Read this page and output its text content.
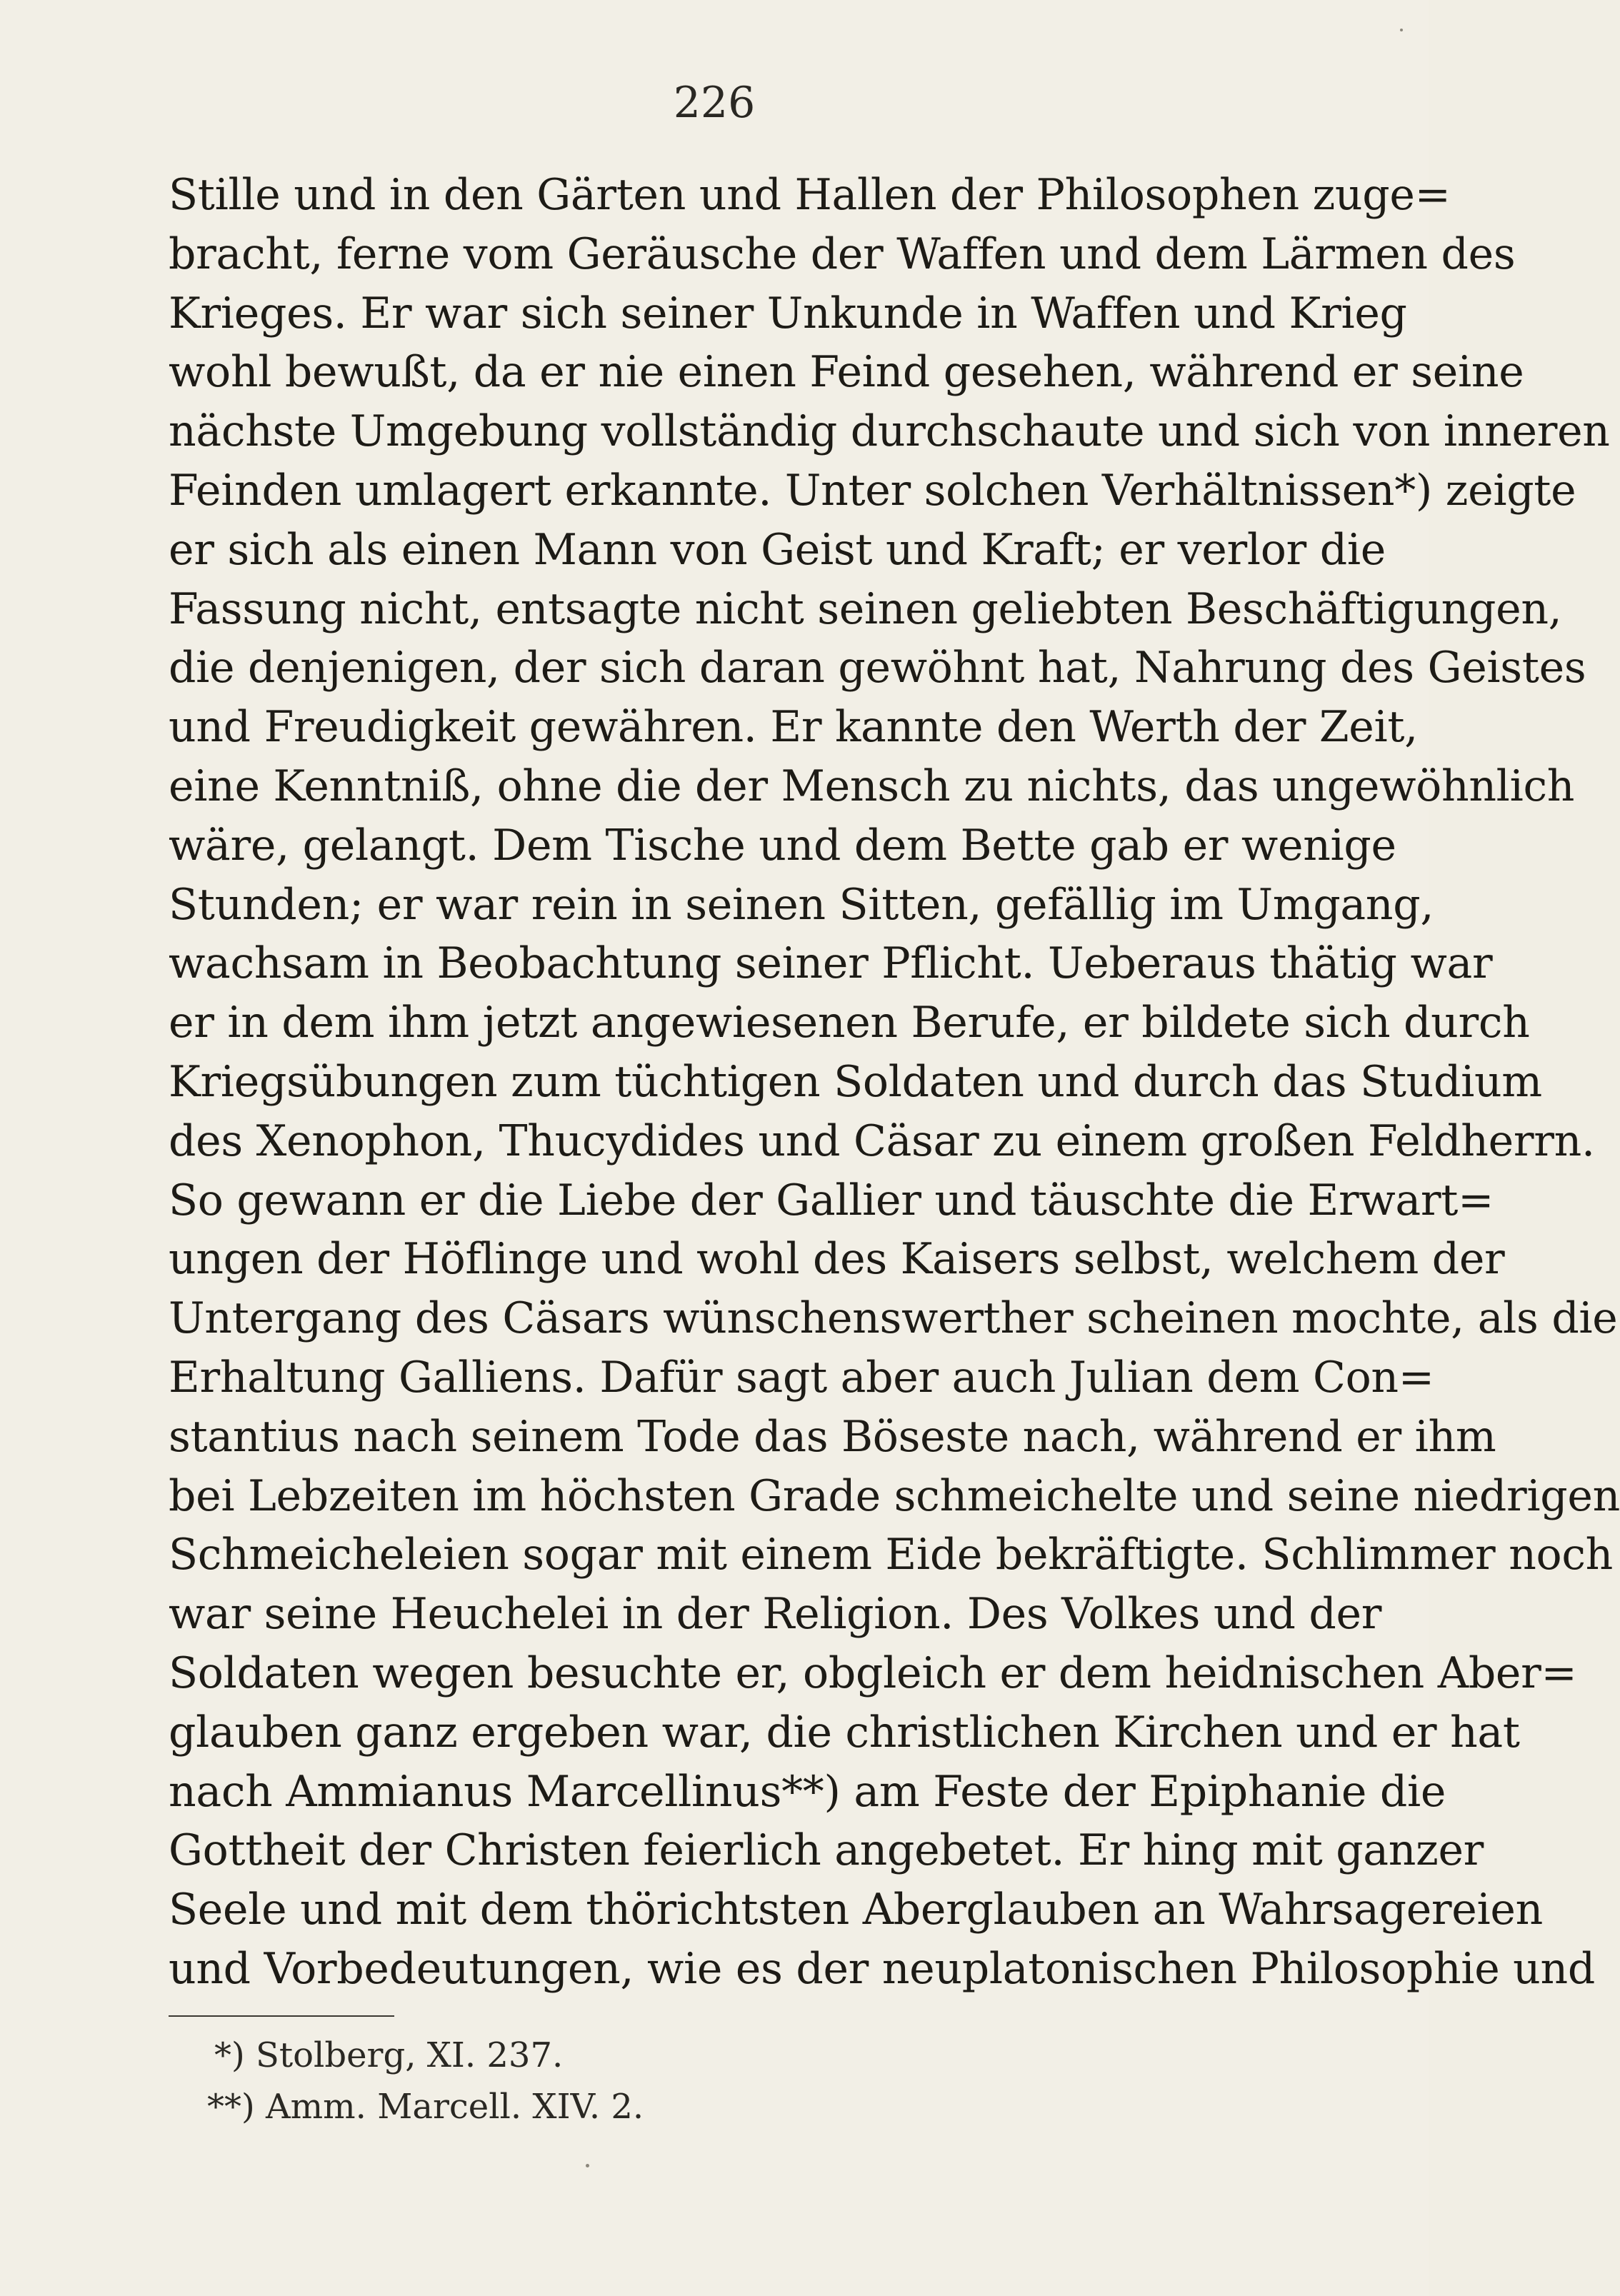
226
Stille und in den Gärten und Hallen der Philosophen zuge=
bracht, ferne vom Geräusche der Waffen und dem Lärmen des
Krieges. Er war sich seiner Unkunde in Waffen und Krieg
wohl bewußt, da er nie einen Feind gesehen, während er seine
nächste Umgebung vollständig durchschaute und sich von inneren
Feinden umlagert erkannte. Unter solchen Verhältnissen*) zeigte
er sich als einen Mann von Geist und Kraft; er verlor die
Fassung nicht, entsagte nicht seinen geliebten Beschäftigungen,
die denjenigen, der sich daran gewöhnt hat, Nahrung des Geistes
und Freudigkeit gewähren. Er kannte den Werth der Zeit,
eine Kenntniß, ohne die der Mensch zu nichts, das ungewöhnlich
wäre, gelangt. Dem Tische und dem Bette gab er wenige
Stunden; er war rein in seinen Sitten, gefällig im Umgang,
wachsam in Beobachtung seiner Pflicht. Ueberaus thätig war
er in dem ihm jetzt angewiesenen Berufe, er bildete sich durch
Kriegsübungen zum tüchtigen Soldaten und durch das Studium
des Xenophon, Thucydides und Cäsar zu einem großen Feldherrn.
So gewann er die Liebe der Gallier und täuschte die Erwart=
ungen der Höflinge und wohl des Kaisers selbst, welchem der
Untergang des Cäsars wünschenswerther scheinen mochte, als die
Erhaltung Galliens. Dafür sagt aber auch Julian dem Con=
stantius nach seinem Tode das Böseste nach, während er ihm
bei Lebzeiten im höchsten Grade schmeichelte und seine niedrigen
Schmeicheleien sogar mit einem Eide bekräftigte. Schlimmer noch
war seine Heuchelei in der Religion. Des Volkes und der
Soldaten wegen besuchte er, obgleich er dem heidnischen Aber=
glauben ganz ergeben war, die christlichen Kirchen und er hat
nach Ammianus Marcellinus**) am Feste der Epiphanie die
Gottheit der Christen feierlich angebetet. Er hing mit ganzer
Seele und mit dem thörichtsten Aberglauben an Wahrsagereien
und Vorbedeutungen, wie es der neuplatonischen Philosophie und
*) Stolberg, XI. 237.
**) Amm. Marcell. XIV. 2.
